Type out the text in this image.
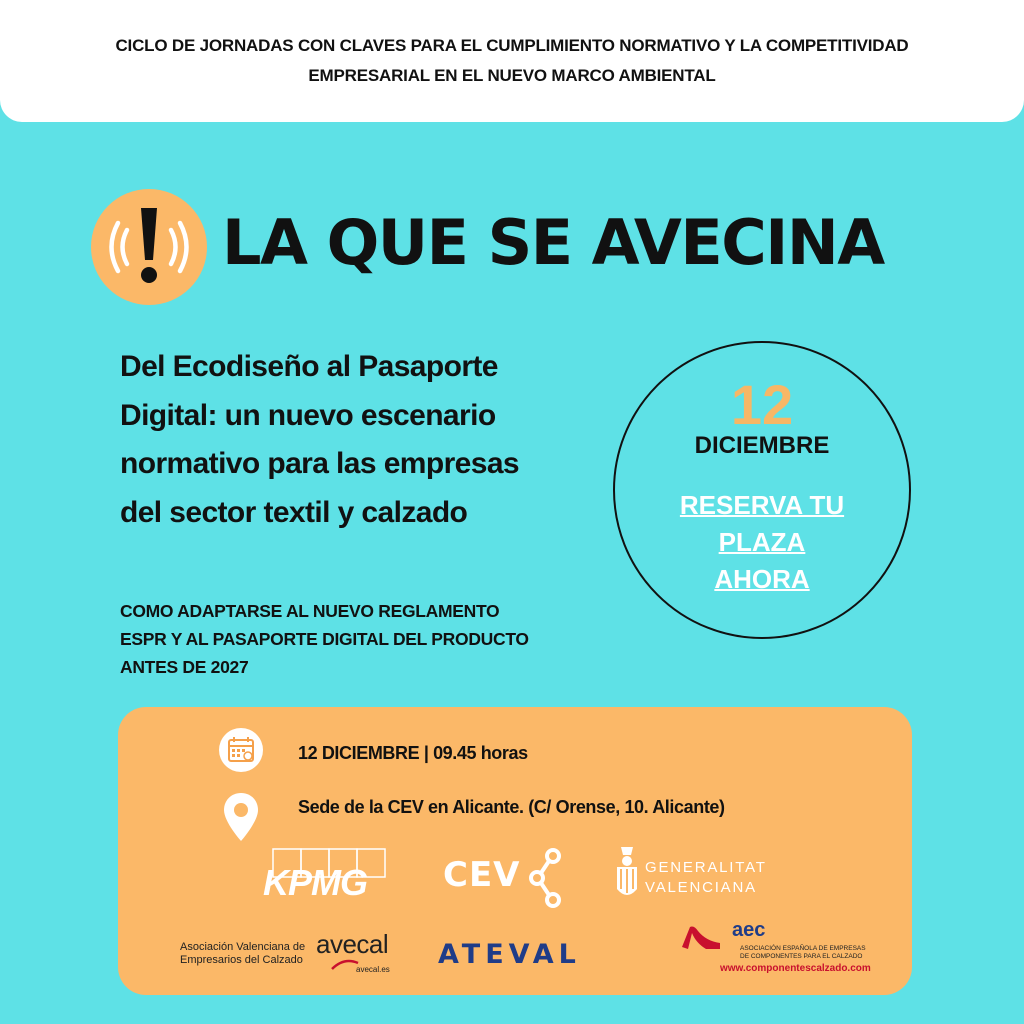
CICLO DE JORNADAS CON CLAVES PARA EL CUMPLIMIENTO NORMATIVO Y LA COMPETITIVIDAD
EMPRESARIAL EN EL NUEVO MARCO AMBIENTAL
LA QUE SE AVECINA

Del Ecodiseño al Pasaporte Digital: un nuevo escenario normativo para las empresas del sector textil y calzado

COMO ADAPTARSE AL NUEVO REGLAMENTO ESPR Y AL PASAPORTE DIGITAL DEL PRODUCTO ANTES DE 2027

12
DICIEMBRE
RESERVA TU
PLAZA
AHORA
12 DICIEMBRE | 09.45 horas
Sede de la CEV en Alicante. (C/ Orense, 10. Alicante)
KPMG CEV	GENERALITAT
VALENCIANA
Asociación Valenciana de
Empresarios del Calzado
avecal
avecal.es ATEVAL
aec
ASOCIACIÓN ESPAÑOLA DE EMPRESAS
DE COMPONENTES PARA EL CALZADO
www.componentescalzado.com
